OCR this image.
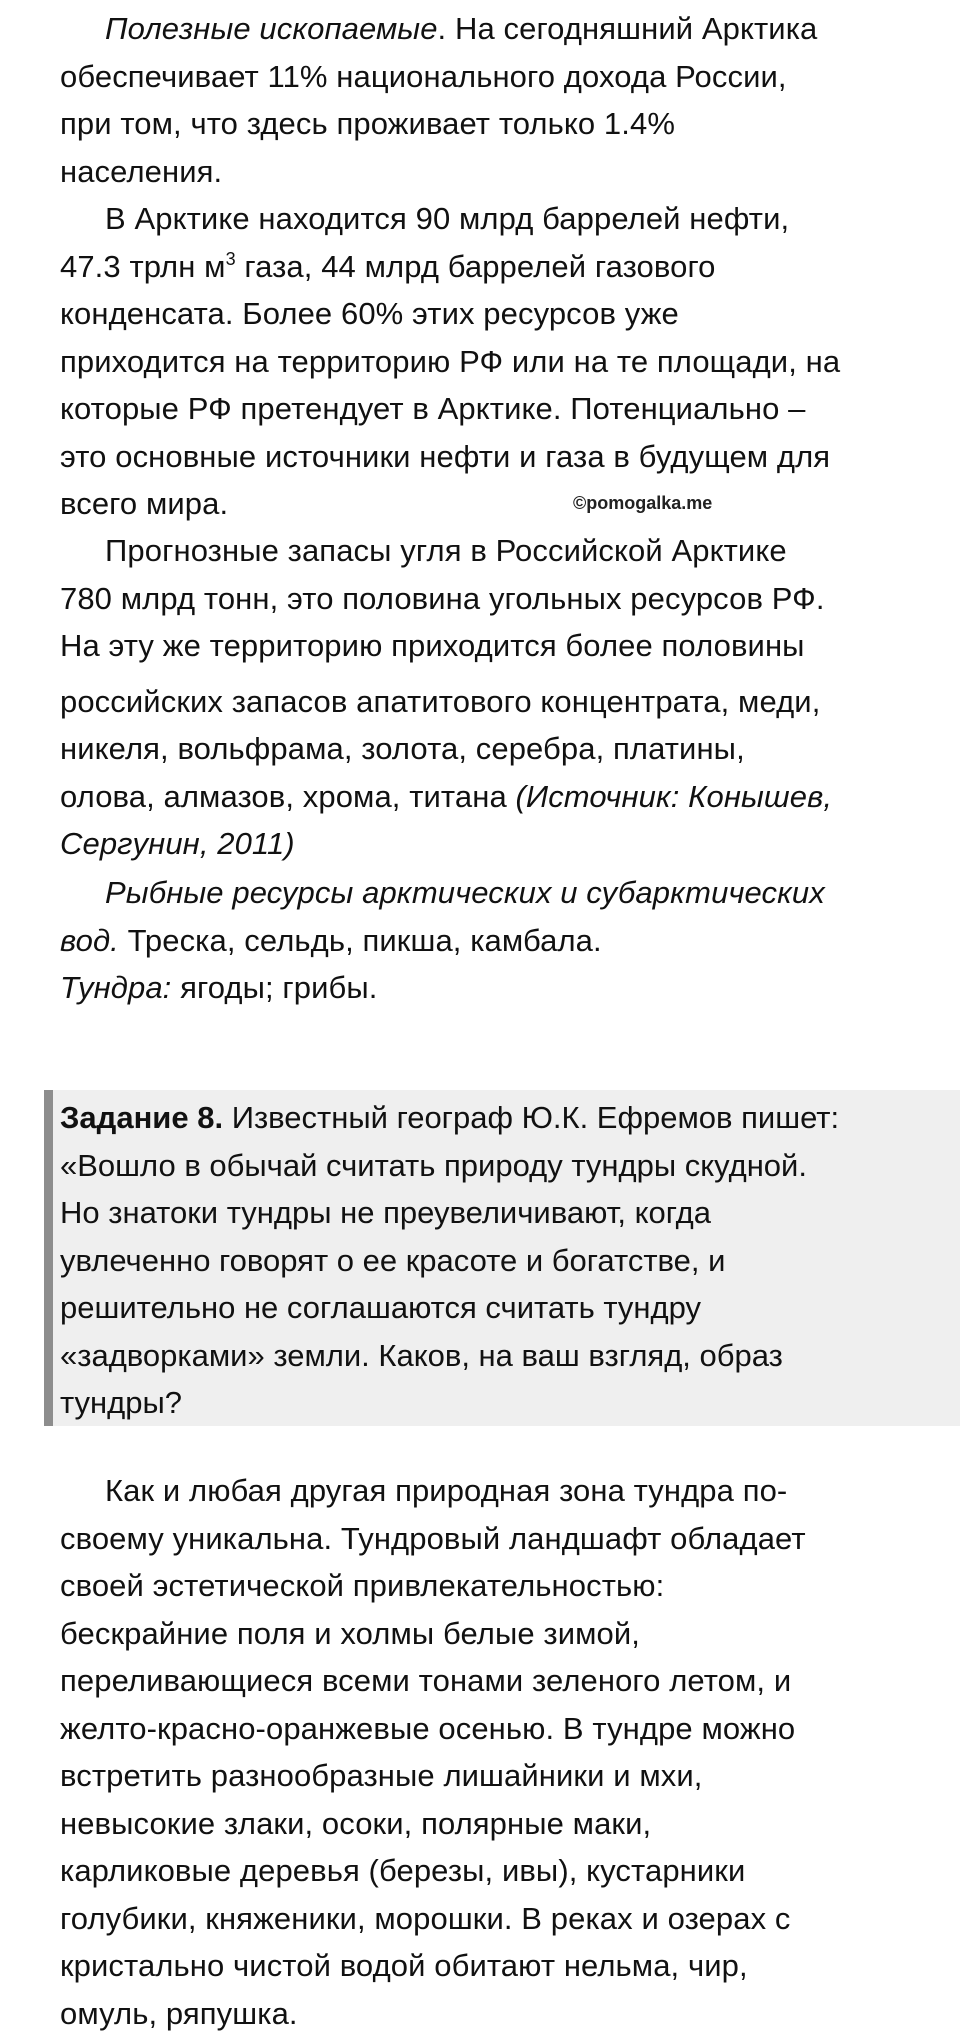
Полезные ископаемые. На сегодняшний Арктика
обеспечивает 11% национального дохода России,
при том, что здесь проживает только 1.4%
населения.
В Арктике находится 90 млрд баррелей нефти,
47.3 трлн $м^3$ газа, 44 млрд баррелей газового
конденсата. Более 60% этих ресурсов уже
приходится на территорию РФ или на те площади, на
которые РФ претендует в Арктике. Потенциально –
это основные источники нефти и газа в будущем для
всего мира.	©pomogalka.me
Прогнозные запасы угля в Российской Арктике
780 млрд тонн, это половина угольных ресурсов РФ.
На эту же территорию приходится более половины
российских запасов апатитового концентрата, меди,
никеля, вольфрама, золота, серебра, платины,
олова, алмазов, хрома, титана (Источник: Конышев,
Сергунин, 2011)
Рыбные ресурсы арктических и субарктических
вод. Треска, сельдь, пикша, камбала.
Тундра: ягоды; грибы.
Задание 8. Известный географ Ю.К. Ефремов пишет:
«Вошло в обычай считать природу тундры скудной.
Но знатоки тундры не преувеличивают, когда
увлеченно говорят о ее красоте и богатстве, и
решительно не соглашаются считать тундру
«задворками» земли. Каков, на ваш взгляд, образ
тундры?
Как и любая другая природная зона тундра по-
своему уникальна. Тундровый ландшафт обладает
своей эстетической привлекательностью:
бескрайние поля и холмы белые зимой,
переливающиеся всеми тонами зеленого летом, и
желто-красно-оранжевые осенью. В тундре можно
встретить разнообразные лишайники и мхи,
невысокие злаки, осоки, полярные маки,
карликовые деревья (березы, ивы), кустарники
голубики, княженики, морошки. В реках и озерах с
кристально чистой водой обитают нельма, чир,
омуль, ряпушка.
